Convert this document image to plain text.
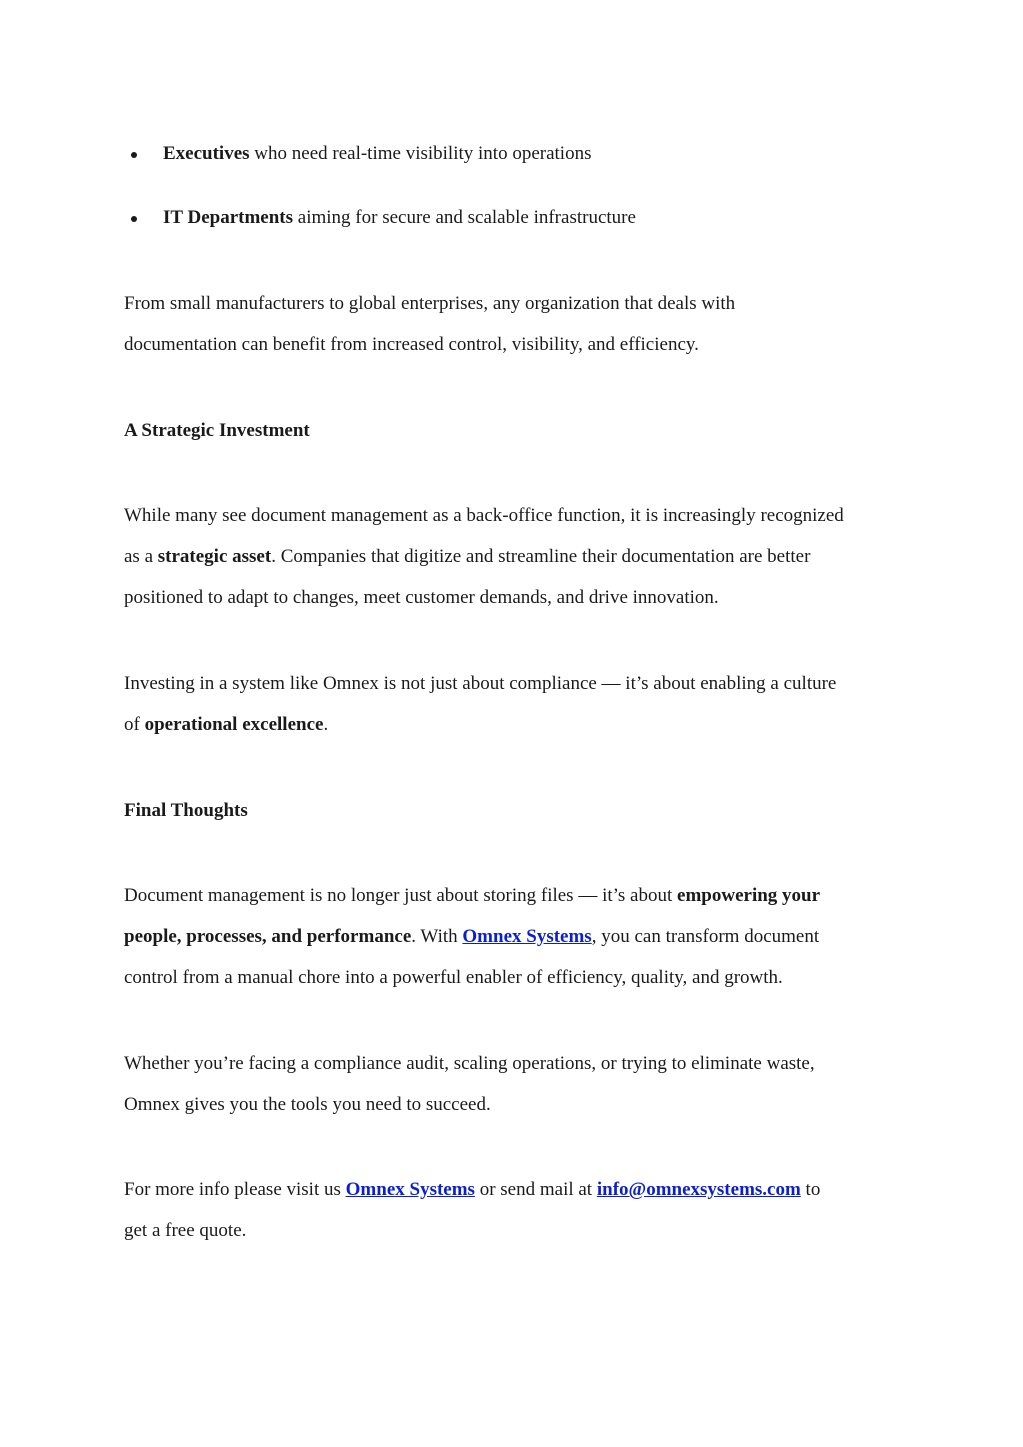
Executives who need real-time visibility into operations
IT Departments aiming for secure and scalable infrastructure
From small manufacturers to global enterprises, any organization that deals with
documentation can benefit from increased control, visibility, and efficiency.
A Strategic Investment
While many see document management as a back-office function, it is increasingly recognized
as a strategic asset. Companies that digitize and streamline their documentation are better
positioned to adapt to changes, meet customer demands, and drive innovation.
Investing in a system like Omnex is not just about compliance — it’s about enabling a culture
of operational excellence.
Final Thoughts
Document management is no longer just about storing files — it’s about empowering your
people, processes, and performance. With Omnex Systems, you can transform document
control from a manual chore into a powerful enabler of efficiency, quality, and growth.
Whether you’re facing a compliance audit, scaling operations, or trying to eliminate waste,
Omnex gives you the tools you need to succeed.
For more info please visit us Omnex Systems or send mail at info@omnexsystems.com to
get a free quote.
